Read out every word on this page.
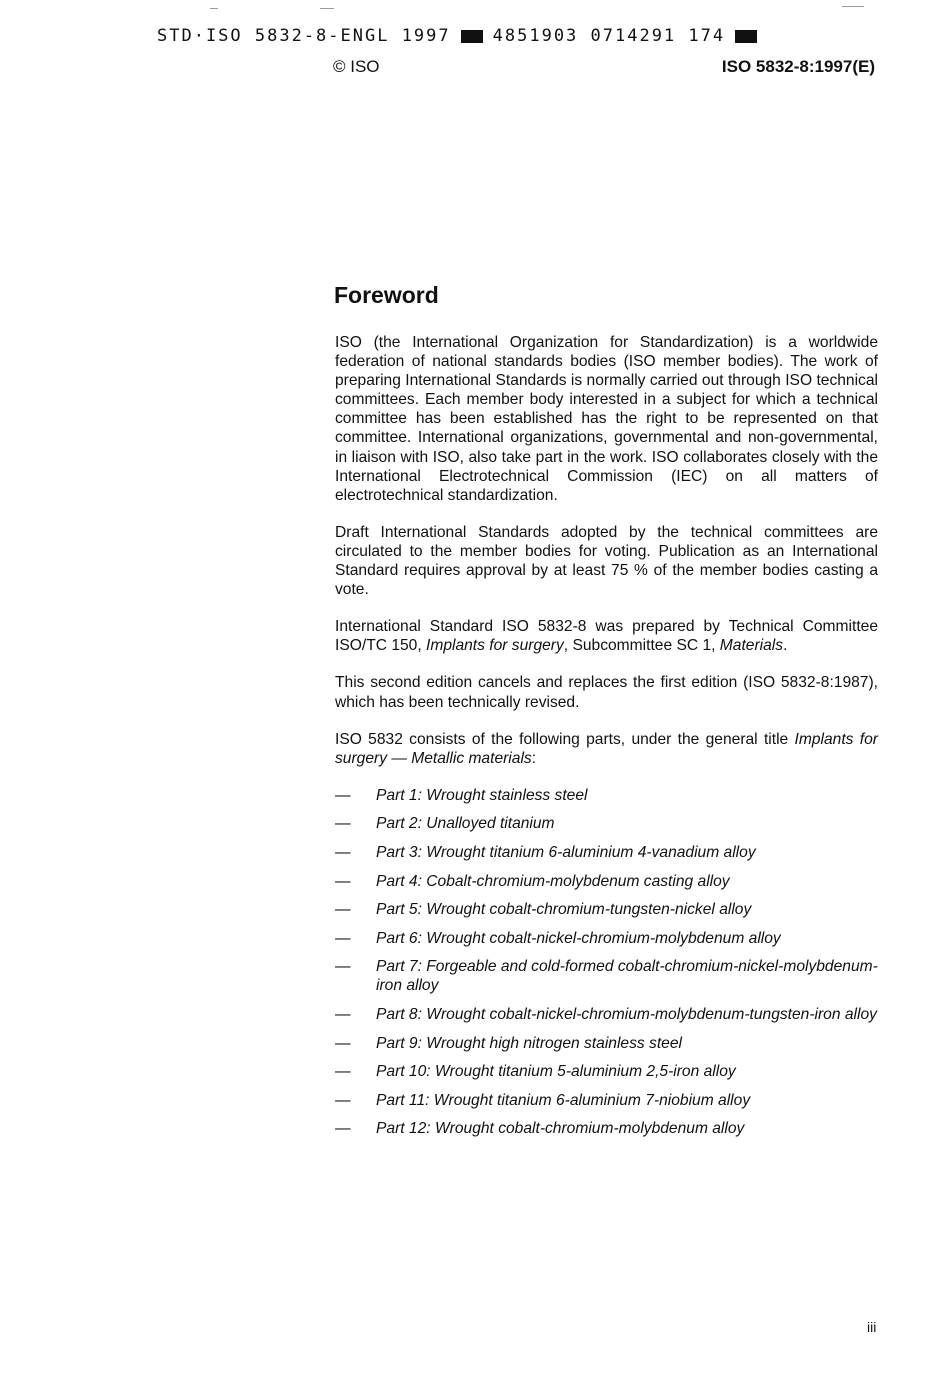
STD·ISO 5832-8-ENGL 1997 4851903 0714291 174
© ISO	ISO 5832-8:1997(E)
Foreword

ISO (the International Organization for Standardization) is a worldwide federation of national standards bodies (ISO member bodies). The work of preparing International Standards is normally carried out through ISO technical committees. Each member body interested in a subject for which a technical committee has been established has the right to be represented on that committee. International organizations, governmental and non-governmental, in liaison with ISO, also take part in the work. ISO collaborates closely with the International Electrotechnical Commission (IEC) on all matters of electrotechnical standardization.

Draft International Standards adopted by the technical committees are circulated to the member bodies for voting. Publication as an International Standard requires approval by at least 75 % of the member bodies casting a vote.

International Standard ISO 5832-8 was prepared by Technical Committee ISO/TC 150, Implants for surgery, Subcommittee SC 1, Materials.

This second edition cancels and replaces the first edition (ISO 5832-8:1987), which has been technically revised.

ISO 5832 consists of the following parts, under the general title Implants for surgery — Metallic materials:

— Part 1: Wrought stainless steel
— Part 2: Unalloyed titanium
— Part 3: Wrought titanium 6-aluminium 4-vanadium alloy
— Part 4: Cobalt-chromium-molybdenum casting alloy
— Part 5: Wrought cobalt-chromium-tungsten-nickel alloy
— Part 6: Wrought cobalt-nickel-chromium-molybdenum alloy
— Part 7: Forgeable and cold-formed cobalt-chromium-nickel-molybdenum-iron alloy
— Part 8: Wrought cobalt-nickel-chromium-molybdenum-tungsten-iron alloy
— Part 9: Wrought high nitrogen stainless steel
— Part 10: Wrought titanium 5-aluminium 2,5-iron alloy
— Part 11: Wrought titanium 6-aluminium 7-niobium alloy
— Part 12: Wrought cobalt-chromium-molybdenum alloy
iii
